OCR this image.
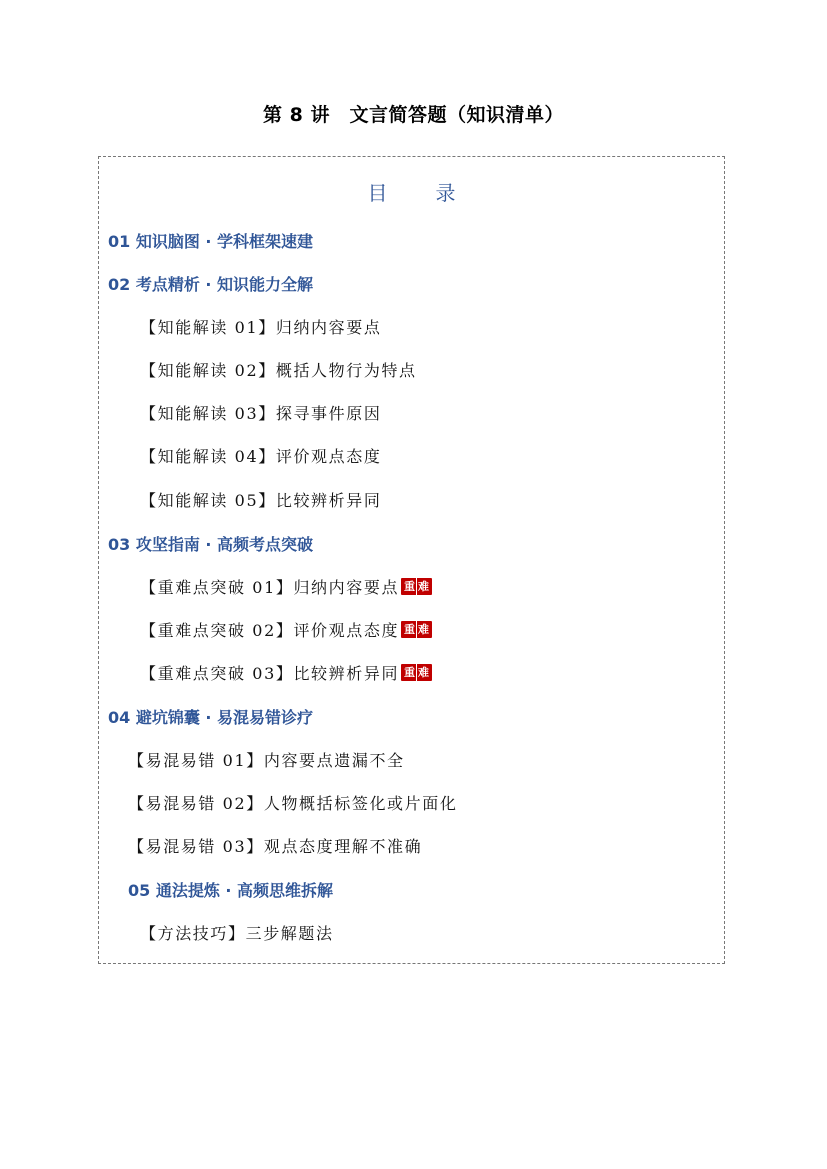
第 8 讲　文言简答题（知识清单）
目　录
01 知识脑图 · 学科框架速建
02 考点精析 · 知识能力全解
【知能解读 01】归纳内容要点
【知能解读 02】概括人物行为特点
【知能解读 03】探寻事件原因
【知能解读 04】评价观点态度
【知能解读 05】比较辨析异同
03 攻坚指南 · 高频考点突破
【重难点突破 01】归纳内容要点 重 难
【重难点突破 02】评价观点态度 重 难
【重难点突破 03】比较辨析异同 重 难
04 避坑锦囊 · 易混易错诊疗
【易混易错 01】内容要点遗漏不全
【易混易错 02】人物概括标签化或片面化
【易混易错 03】观点态度理解不准确
05 通法提炼 · 高频思维拆解
【方法技巧】三步解题法
